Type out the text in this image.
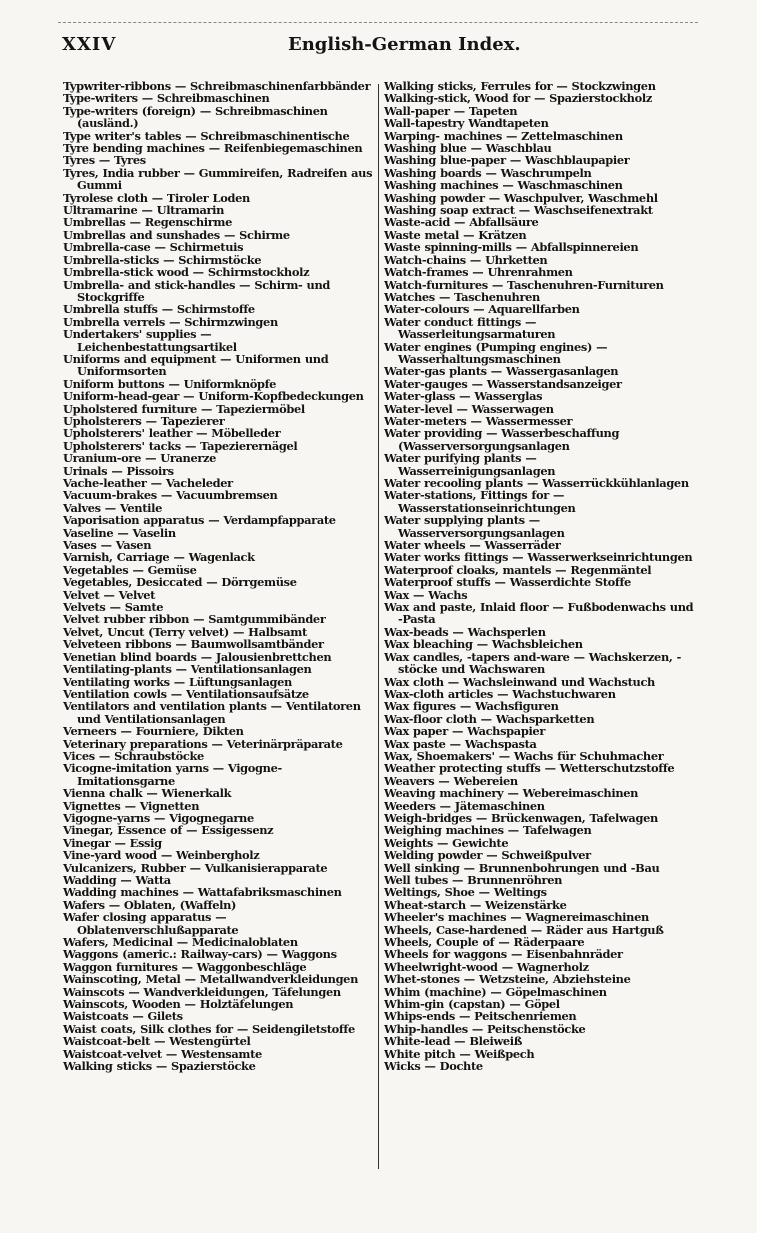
XXIV	English-German Index.
Typwriter-ribbons — Schreibmaschinenfarbbänder
Type-writers — Schreibmaschinen
Type-writers (foreign) — Schreibmaschinen (ausländ.)
Type writer's tables — Schreibmaschinentische
Tyre bending machines — Reifenbiegemaschinen
Tyres — Tyres
Tyres, India rubber — Gummireifen, Radreifen aus Gummi
Tyrolese cloth — Tiroler Loden
Ultramarine — Ultramarin
Umbrellas — Regenschirme
Umbrellas and sunshades — Schirme
Umbrella-case — Schirmetuis
Umbrella-sticks — Schirmstöcke
Umbrella-stick wood — Schirmstockholz
Umbrella- and stick-handles — Schirm- und Stockgriffe
Umbrella stuffs — Schirmstoffe
Umbrella verrels — Schirmzwingen
Undertakers' supplies — Leichenbestattungsartikel
Uniforms and equipment — Uniformen und Uniformsorten
Uniform buttons — Uniformknöpfe
Uniform-head-gear — Uniform-Kopfbedeckungen
Upholstered furniture — Tapeziermöbel
Upholsterers — Tapezierer
Upholsterers' leather — Möbelleder
Upholsterers' tacks — Tapezierernägel
Uranium-ore — Uranerze
Urinals — Pissoirs
Vache-leather — Vacheleder
Vacuum-brakes — Vacuumbremsen
Valves — Ventile
Vaporisation apparatus — Verdampfapparate
Vaseline — Vaselin
Vases — Vasen
Varnish, Carriage — Wagenlack
Vegetables — Gemüse
Vegetables, Desiccated — Dörrgemüse
Velvet — Velvet
Velvets — Samte
Velvet rubber ribbon — Samtgummibänder
Velvet, Uncut (Terry velvet) — Halbsamt
Velveteen ribbons — Baumwollsamtbänder
Venetian blind boards — Jalousienbrettchen
Ventilating-plants — Ventilationsanlagen
Ventilating works — Lüftungsanlagen
Ventilation cowls — Ventilationsaufsätze
Ventilators and ventilation plants — Ventilatoren und Ventilationsanlagen
Verneers — Fourniere, Dikten
Veterinary preparations — Veterinärpräparate
Vices — Schraubstöcke
Vicogne-imitation yarns — Vigogne-Imitationsgarne
Vienna chalk — Wienerkalk
Vignettes — Vignetten
Vigogne-yarns — Vigognegarne
Vinegar, Essence of — Essigessenz
Vinegar — Essig
Vine-yard wood — Weinbergholz
Vulcanizers, Rubber — Vulkanisierapparate
Wadding — Watta
Wadding machines — Wattafabriksmaschinen
Wafers — Oblaten, (Waffeln)
Wafer closing apparatus — Oblatenverschlußapparate
Wafers, Medicinal — Medicinaloblaten
Waggons (americ.: Railway-cars) — Waggons
Waggon furnitures — Waggonbeschläge
Wainscoting, Metal — Metallwandverkleidungen
Wainscots — Wandverkleidungen, Täfelungen
Wainscots, Wooden — Holztäfelungen
Waistcoats — Gilets
Waist coats, Silk clothes for — Seidengiletstoffe
Waistcoat-belt — Westengürtel
Waistcoat-velvet — Westensamte
Walking sticks — Spazierstöcke
Walking sticks, Ferrules for — Stockzwingen
Walking-stick, Wood for — Spazierstockholz
Wall-paper — Tapeten
Wall-tapestry Wandtapeten
Warping- machines — Zettelmaschinen
Washing blue — Waschblau
Washing blue-paper — Waschblaupapier
Washing boards — Waschrumpeln
Washing machines — Waschmaschinen
Washing powder — Waschpulver, Waschmehl
Washing soap extract — Waschseifenextrakt
Waste-acid — Abfallsäure
Waste metal — Krätzen
Waste spinning-mills — Abfallspinnereien
Watch-chains — Uhrketten
Watch-frames — Uhrenrahmen
Watch-furnitures — Taschenuhren-Furnituren
Watches — Taschenuhren
Water-colours — Aquarellfarben
Water conduct fittings — Wasserleitungsarmaturen
Water engines (Pumping engines) — Wasserhaltungsmaschinen
Water-gas plants — Wassergasanlagen
Water-gauges — Wasserstandsanzeiger
Water-glass — Wasserglas
Water-level — Wasserwagen
Water-meters — Wassermesser
Water providing — Wasserbeschaffung (Wasserversorgungsanlagen
Water purifying plants — Wasserreinigungsanlagen
Water recooling plants — Wasserrückkühlanlagen
Water-stations, Fittings for — Wasserstationseinrichtungen
Water supplying plants — Wasserversorgungsanlagen
Water wheels — Wasserräder
Water works fittings — Wasserwerkseinrichtungen
Waterproof cloaks, mantels — Regenmäntel
Waterproof stuffs — Wasserdichte Stoffe
Wax — Wachs
Wax and paste, Inlaid floor — Fußbodenwachs und -Pasta
Wax-beads — Wachsperlen
Wax bleaching — Wachsbleichen
Wax candles, -tapers and-ware — Wachskerzen, -stöcke und Wachswaren
Wax cloth — Wachsleinwand und Wachstuch
Wax-cloth articles — Wachstuchwaren
Wax figures — Wachsfiguren
Wax-floor cloth — Wachsparketten
Wax paper — Wachspapier
Wax paste — Wachspasta
Wax, Shoemakers' — Wachs für Schuhmacher
Weather protecting stuffs — Wetterschutzstoffe
Weavers — Webereien
Weaving machinery — Webereimaschinen
Weeders — Jätemaschinen
Weigh-bridges — Brückenwagen, Tafelwagen
Weighing machines — Tafelwagen
Weights — Gewichte
Welding powder — Schweißpulver
Well sinking — Brunnenbohrungen und -Bau
Well tubes — Brunnenröhren
Weltings, Shoe — Weltings
Wheat-starch — Weizenstärke
Wheeler's machines — Wagnereimaschinen
Wheels, Case-hardened — Räder aus Hartguß
Wheels, Couple of — Räderpaare
Wheels for waggons — Eisenbahnräder
Wheelwright-wood — Wagnerholz
Whet-stones — Wetzsteine, Abziehsteine
Whim (machine) — Göpelmaschinen
Whim-gin (capstan) — Göpel
Whips-ends — Peitschenriemen
Whip-handles — Peitschenstöcke
White-lead — Bleiweiß
White pitch — Weißpech
Wicks — Dochte
